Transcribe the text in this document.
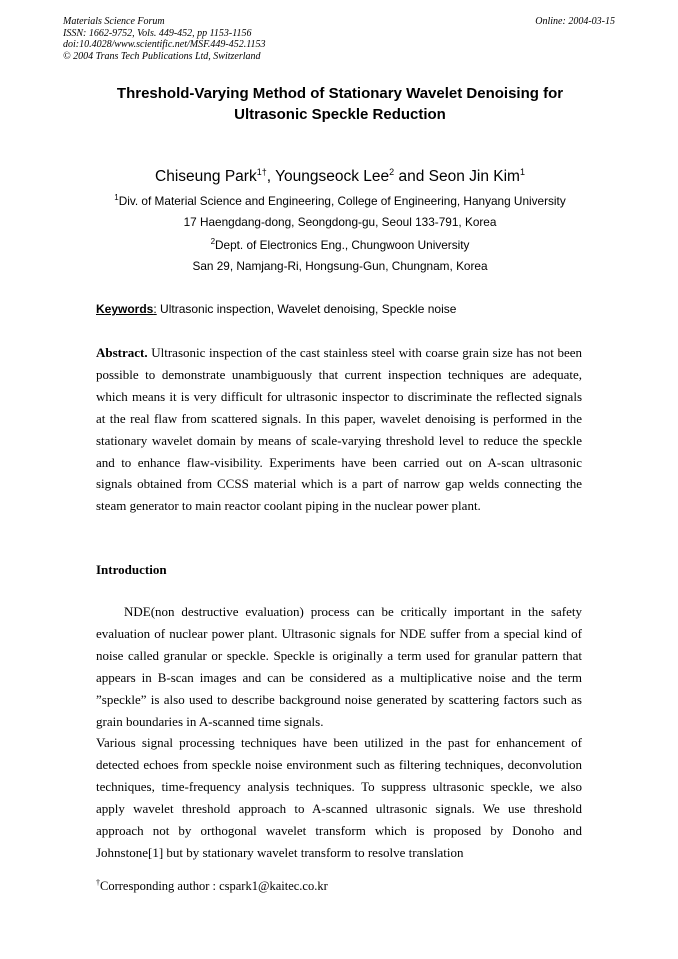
Materials Science Forum
ISSN: 1662-9752, Vols. 449-452, pp 1153-1156
doi:10.4028/www.scientific.net/MSF.449-452.1153
© 2004 Trans Tech Publications Ltd, Switzerland
Online: 2004-03-15
Threshold-Varying Method of Stationary Wavelet Denoising for
Ultrasonic Speckle Reduction
Chiseung Park$^{1\dagger}$, Youngseock Lee$^2$ and Seon Jin Kim$^1$
$^1$Div. of Material Science and Engineering, College of Engineering, Hanyang University
17 Haengdang-dong, Seongdong-gu, Seoul 133-791, Korea
$^2$Dept. of Electronics Eng., Chungwoon University
San 29, Namjang-Ri, Hongsung-Gun, Chungnam, Korea
Keywords: Ultrasonic inspection, Wavelet denoising, Speckle noise

Abstract. Ultrasonic inspection of the cast stainless steel with coarse grain size has not been possible to demonstrate unambiguously that current inspection techniques are adequate, which means it is very difficult for ultrasonic inspector to discriminate the reflected signals at the real flaw from scattered signals. In this paper, wavelet denoising is performed in the stationary wavelet domain by means of scale-varying threshold level to reduce the speckle and to enhance flaw-visibility. Experiments have been carried out on A-scan ultrasonic signals obtained from CCSS material which is a part of narrow gap welds connecting the steam generator to main reactor coolant piping in the nuclear power plant.

Introduction

NDE(non destructive evaluation) process can be critically important in the safety evaluation of nuclear power plant. Ultrasonic signals for NDE suffer from a special kind of noise called granular or speckle. Speckle is originally a term used for granular pattern that appears in B-scan images and can be considered as a multiplicative noise and the term ”speckle” is also used to describe background noise generated by scattering factors such as grain boundaries in A-scanned time signals.

Various signal processing techniques have been utilized in the past for enhancement of detected echoes from speckle noise environment such as filtering techniques, deconvolution techniques, time-frequency analysis techniques. To suppress ultrasonic speckle, we also apply wavelet threshold approach to A-scanned ultrasonic signals. We use threshold approach not by orthogonal wavelet transform which is proposed by Donoho and Johnstone[1] but by stationary wavelet transform to resolve translation

†Corresponding author : cspark1@kaitec.co.kr
